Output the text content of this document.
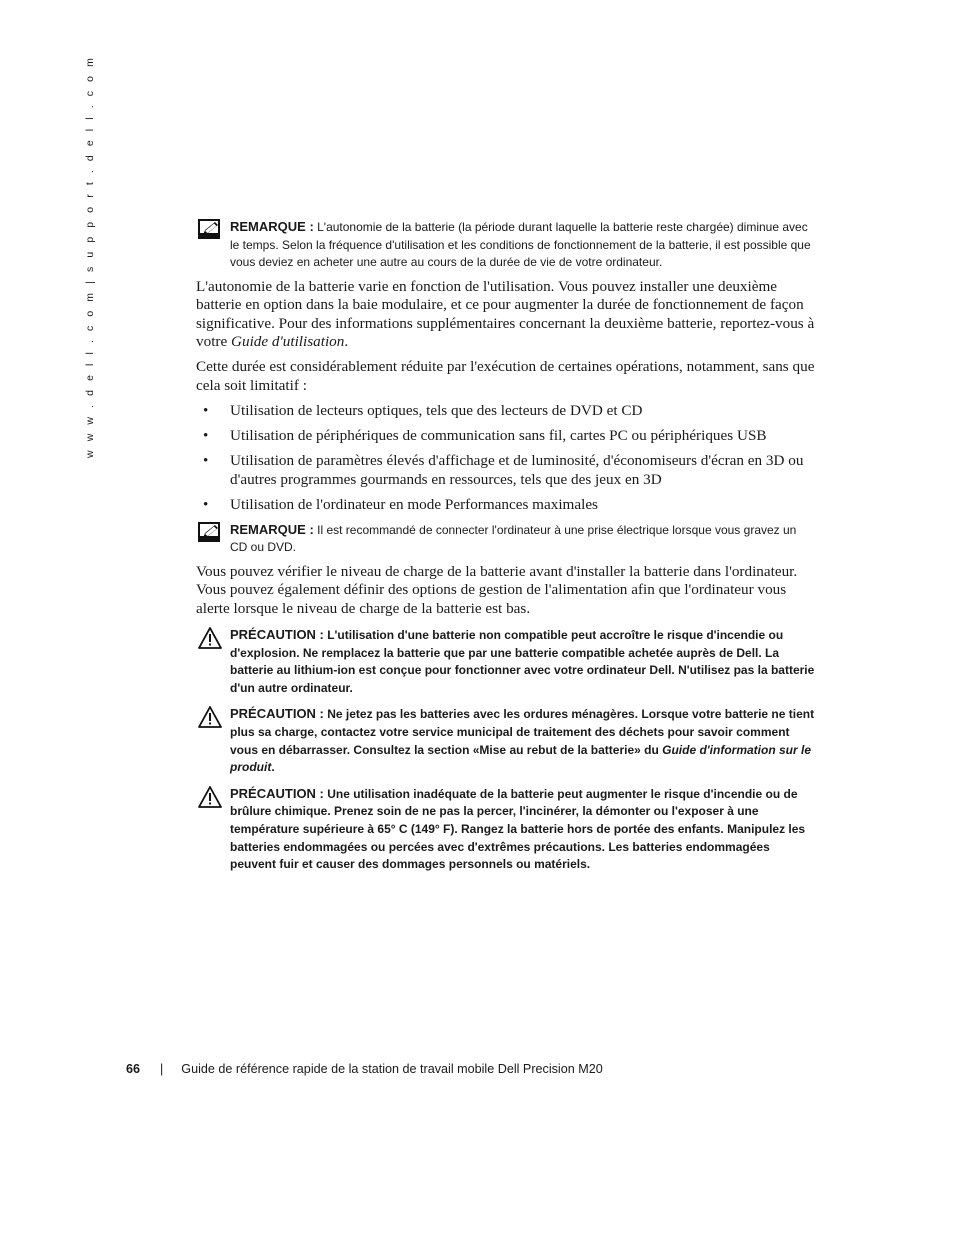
w w w . d e l l . c o m | s u p p o r t . d e l l . c o m	REMARQUE : L'autonomie de la batterie (la période durant laquelle la batterie reste chargée) diminue avec le temps. Selon la fréquence d'utilisation et les conditions de fonctionnement de la batterie, il est possible que vous deviez en acheter une autre au cours de la durée de vie de votre ordinateur.

L'autonomie de la batterie varie en fonction de l'utilisation. Vous pouvez installer une deuxième batterie en option dans la baie modulaire, et ce pour augmenter la durée de fonctionnement de façon significative. Pour des informations supplémentaires concernant la deuxième batterie, reportez-vous à votre Guide d'utilisation.

Cette durée est considérablement réduite par l'exécution de certaines opérations, notamment, sans que cela soit limitatif :

• Utilisation de lecteurs optiques, tels que des lecteurs de DVD et CD
• Utilisation de périphériques de communication sans fil, cartes PC ou périphériques USB
• Utilisation de paramètres élevés d'affichage et de luminosité, d'économiseurs d'écran en 3D ou d'autres programmes gourmands en ressources, tels que des jeux en 3D
• Utilisation de l'ordinateur en mode Performances maximales
REMARQUE : Il est recommandé de connecter l'ordinateur à une prise électrique lorsque vous gravez un CD ou DVD.

Vous pouvez vérifier le niveau de charge de la batterie avant d'installer la batterie dans l'ordinateur. Vous pouvez également définir des options de gestion de l'alimentation afin que l'ordinateur vous alerte lorsque le niveau de charge de la batterie est bas.

PRÉCAUTION : L'utilisation d'une batterie non compatible peut accroître le risque d'incendie ou d'explosion. Ne remplacez la batterie que par une batterie compatible achetée auprès de Dell. La batterie au lithium-ion est conçue pour fonctionner avec votre ordinateur Dell. N'utilisez pas la batterie d'un autre ordinateur.
PRÉCAUTION : Ne jetez pas les batteries avec les ordures ménagères. Lorsque votre batterie ne tient plus sa charge, contactez votre service municipal de traitement des déchets pour savoir comment vous en débarrasser. Consultez la section «Mise au rebut de la batterie» du Guide d'information sur le produit.
PRÉCAUTION : Une utilisation inadéquate de la batterie peut augmenter le risque d'incendie ou de brûlure chimique. Prenez soin de ne pas la percer, l'incinérer, la démonter ou l'exposer à une température supérieure à 65° C (149° F). Rangez la batterie hors de portée des enfants. Manipulez les batteries endommagées ou percées avec d'extrêmes précautions. Les batteries endommagées peuvent fuir et causer des dommages personnels ou matériels.
66 | Guide de référence rapide de la station de travail mobile Dell Precision M20
